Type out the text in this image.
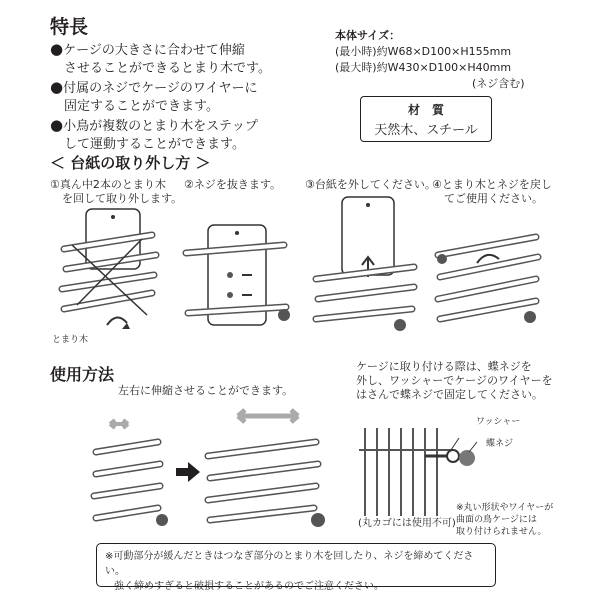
特長
●ケージの大きさに合わせて伸縮
させることができるとまり木です。
●付属のネジでケージのワイヤーに
固定することができます。
●小鳥が複数のとまり木をステップ
して運動することができます。
本体サイズ：
(最小時)約W68×D100×H155mm
(最大時)約W430×D100×H40mm
(ネジ含む)
材　質
天然木、スチール
＜ 台紙の取り外し方 ＞
①真ん中2本のとまり木
を回して取り外します。
②ネジを抜きます。 ③台紙を外してください。
④とまり木とネジを戻し
てご使用ください。
とまり木
使用方法
左右に伸縮させることができます。
ケージに取り付ける際は、蝶ネジを
外し、ワッシャーでケージのワイヤーを
はさんで蝶ネジで固定してください。
ワッシャー
蝶ネジ
(丸カゴには使用不可)
※丸い形状やワイヤーが
曲面の鳥ケージには
取り付けられません。
※可動部分が緩んだときはつなぎ部分のとまり木を回したり、ネジを締めてください。
強く締めすぎると破損することがあるのでご注意ください。
